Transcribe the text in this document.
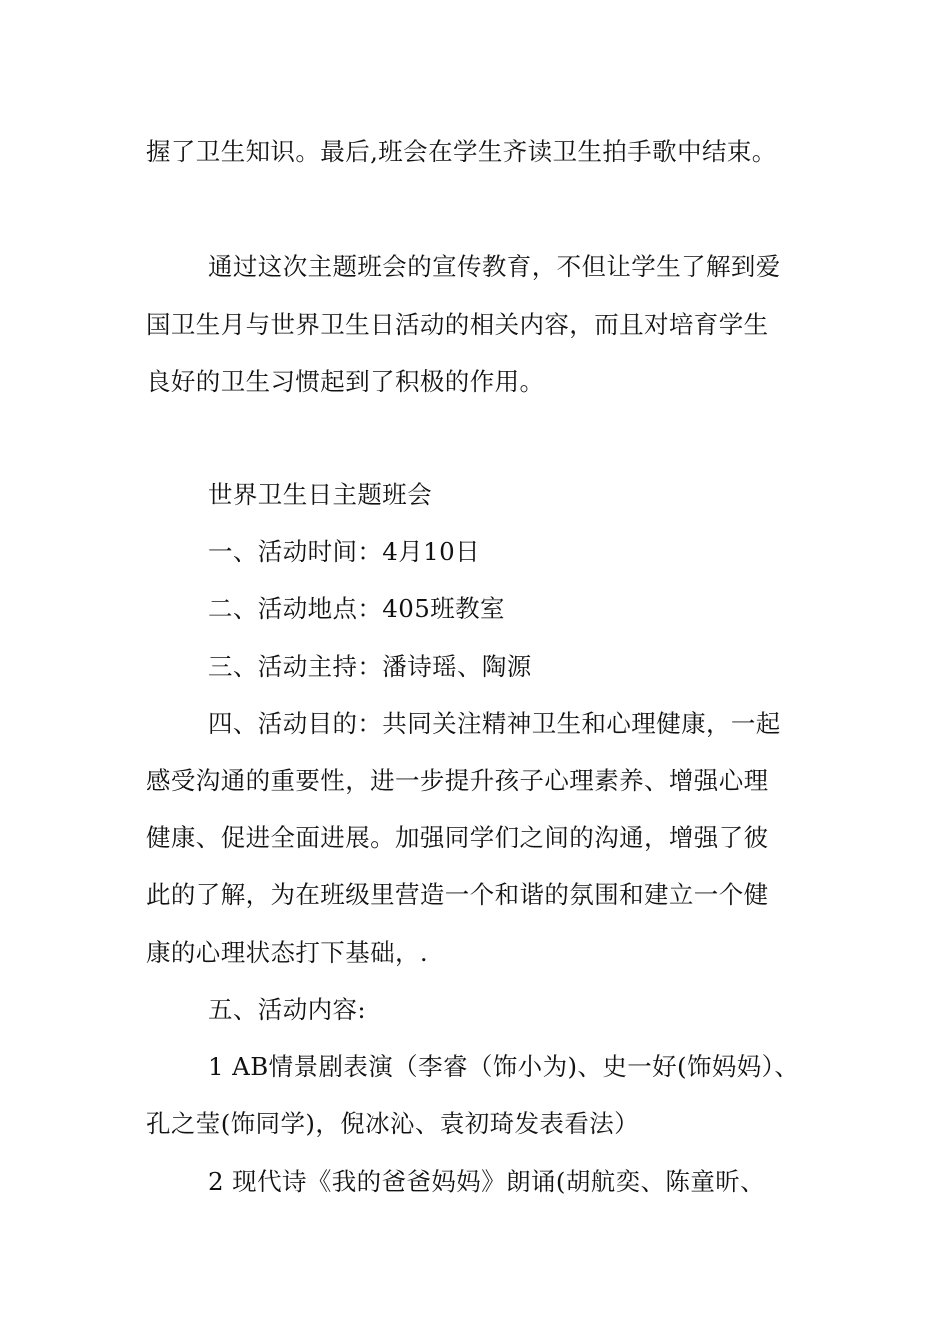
握了卫生知识。最后,班会在学生齐读卫生拍手歌中结束。
通过这次主题班会的宣传教育，不但让学生了解到爱
国卫生月与世界卫生日活动的相关内容，而且对培育学生
良好的卫生习惯起到了积极的作用。
世界卫生日主题班会
一、活动时间：4月10日
二、活动地点：405班教室
三、活动主持：潘诗瑶、陶源
四、活动目的：共同关注精神卫生和心理健康，一起
感受沟通的重要性，进一步提升孩子心理素养、增强心理
健康、促进全面进展。加强同学们之间的沟通，增强了彼
此的了解，为在班级里营造一个和谐的氛围和建立一个健
康的心理状态打下基础，.
五、活动内容:
1 AB情景剧表演（李睿（饰小为)、史一好(饰妈妈）、
孔之莹(饰同学)，倪冰沁、袁初琦发表看法）
2 现代诗《我的爸爸妈妈》朗诵(胡航奕、陈童昕、
